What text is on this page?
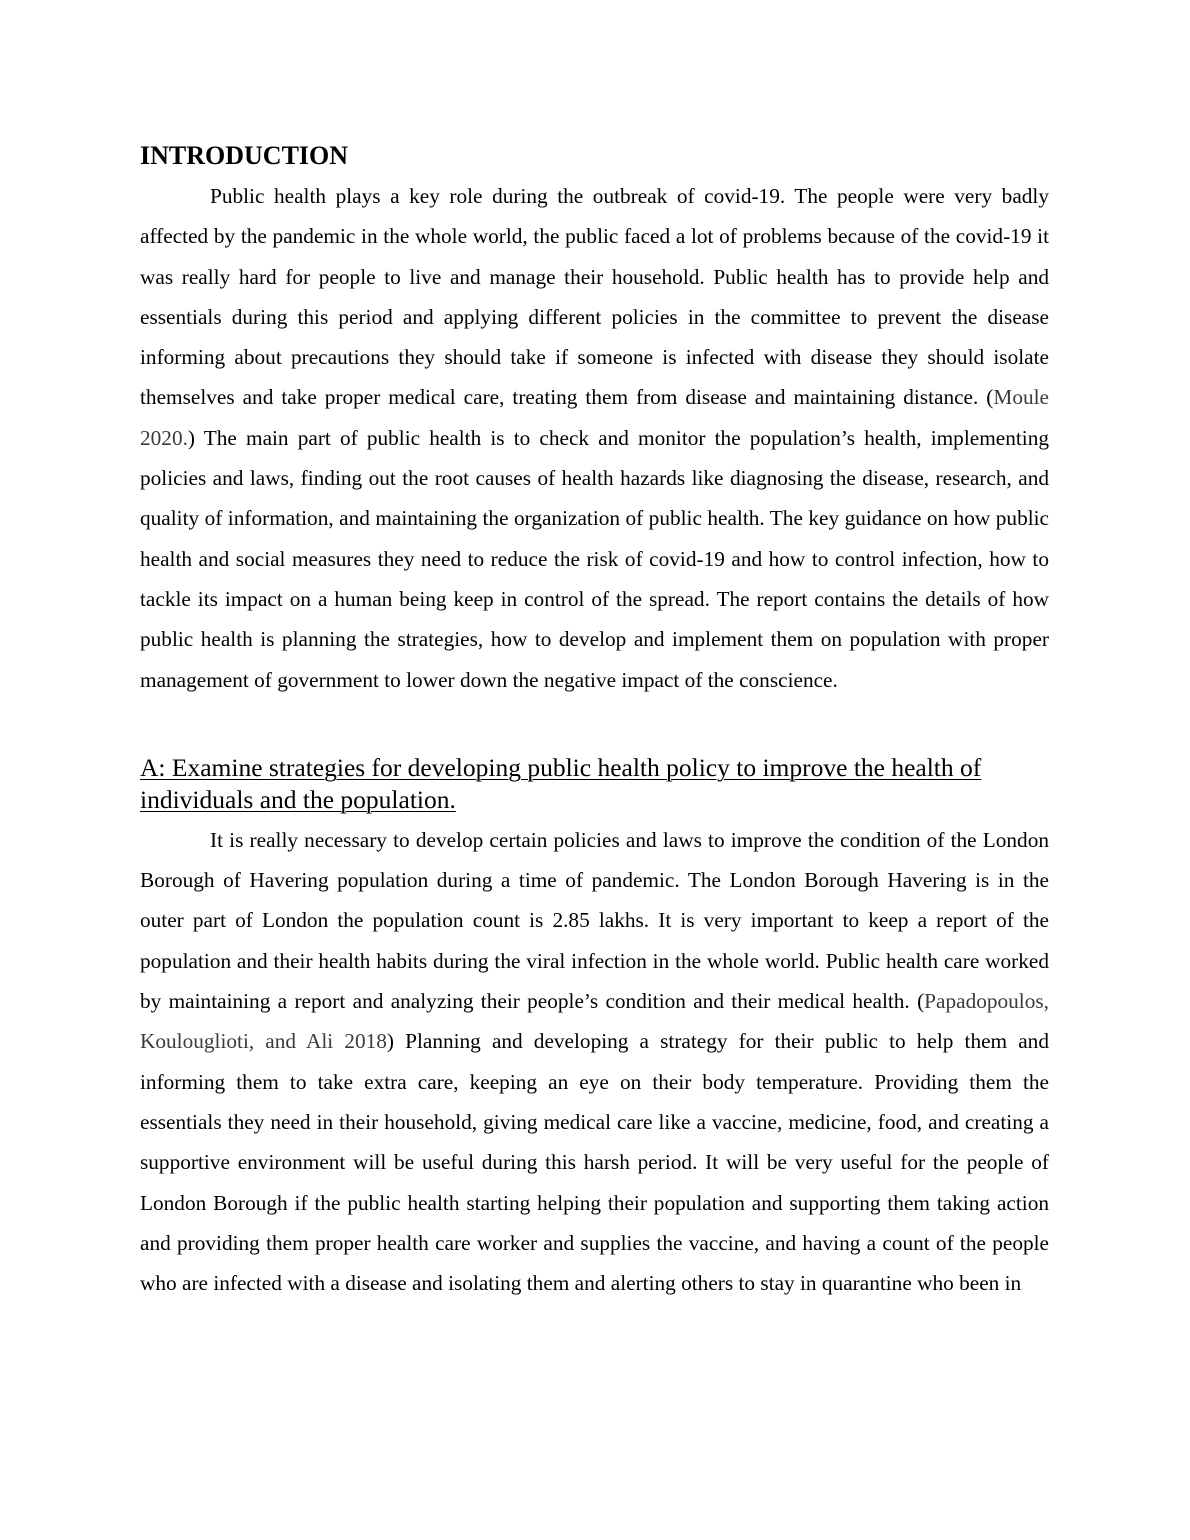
INTRODUCTION

Public health plays a key role during the outbreak of covid-19. The people were very badly affected by the pandemic in the whole world, the public faced a lot of problems because of the covid-19 it was really hard for people to live and manage their household. Public health has to provide help and essentials during this period and applying different policies in the committee to prevent the disease informing about precautions they should take if someone is infected with disease they should isolate themselves and take proper medical care, treating them from disease and maintaining distance. (Moule 2020.) The main part of public health is to check and monitor the population’s health, implementing policies and laws, finding out the root causes of health hazards like diagnosing the disease, research, and quality of information, and maintaining the organization of public health. The key guidance on how public health and social measures they need to reduce the risk of covid-19 and how to control infection, how to tackle its impact on a human being keep in control of the spread. The report contains the details of how public health is planning the strategies, how to develop and implement them on population with proper management of government to lower down the negative impact of the conscience.

A: Examine strategies for developing public health policy to improve the health of individuals and the population.

It is really necessary to develop certain policies and laws to improve the condition of the London Borough of Havering population during a time of pandemic. The London Borough Havering is in the outer part of London the population count is 2.85 lakhs. It is very important to keep a report of the population and their health habits during the viral infection in the whole world. Public health care worked by maintaining a report and analyzing their people’s condition and their medical health. (Papadopoulos, Koulouglioti, and Ali 2018) Planning and developing a strategy for their public to help them and informing them to take extra care, keeping an eye on their body temperature. Providing them the essentials they need in their household, giving medical care like a vaccine, medicine, food, and creating a supportive environment will be useful during this harsh period. It will be very useful for the people of London Borough if the public health starting helping their population and supporting them taking action and providing them proper health care worker and supplies the vaccine, and having a count of the people who are infected with a disease and isolating them and alerting others to stay in quarantine who been in
